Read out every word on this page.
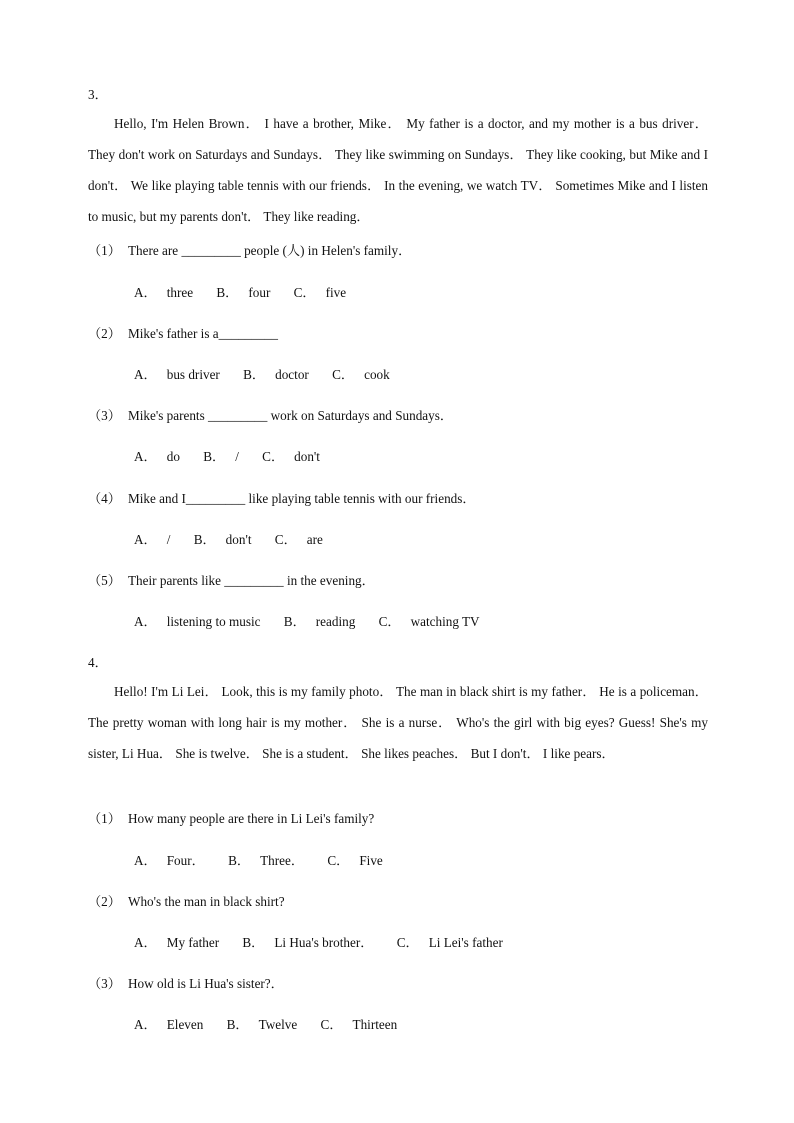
3．

Hello, I'm Helen Brown． I have a brother, Mike． My father is a doctor, and my mother is a bus driver． They don't work on Saturdays and Sundays． They like swimming on Sundays． They like cooking, but Mike and I don't． We like playing table tennis with our friends． In the evening, we watch TV． Sometimes Mike and I listen to music, but my parents don't． They like reading．

（1） There are _________ people (人) in Helen's family．
A． three B． four C． five
（2） Mike's father is a_________
A． bus driver B． doctor C． cook
（3） Mike's parents _________ work on Saturdays and Sundays．
A． do B． / C． don't
（4） Mike and I_________ like playing table tennis with our friends．
A． / B． don't C． are
（5） Their parents like _________ in the evening．
A． listening to music B． reading C． watching TV
4．

Hello! I'm Li Lei． Look, this is my family photo． The man in black shirt is my father． He is a policeman． The pretty woman with long hair is my mother． She is a nurse． Who's the girl with big eyes? Guess! She's my sister, Li Hua． She is twelve． She is a student． She likes peaches． But I don't． I like pears．

（1） How many people are there in Li Lei's family?
A． Four． B． Three． C． Five
（2） Who's the man in black shirt?
A． My father B． Li Hua's brother． C． Li Lei's father
（3） How old is Li Hua's sister?．
A． Eleven B． Twelve C． Thirteen
